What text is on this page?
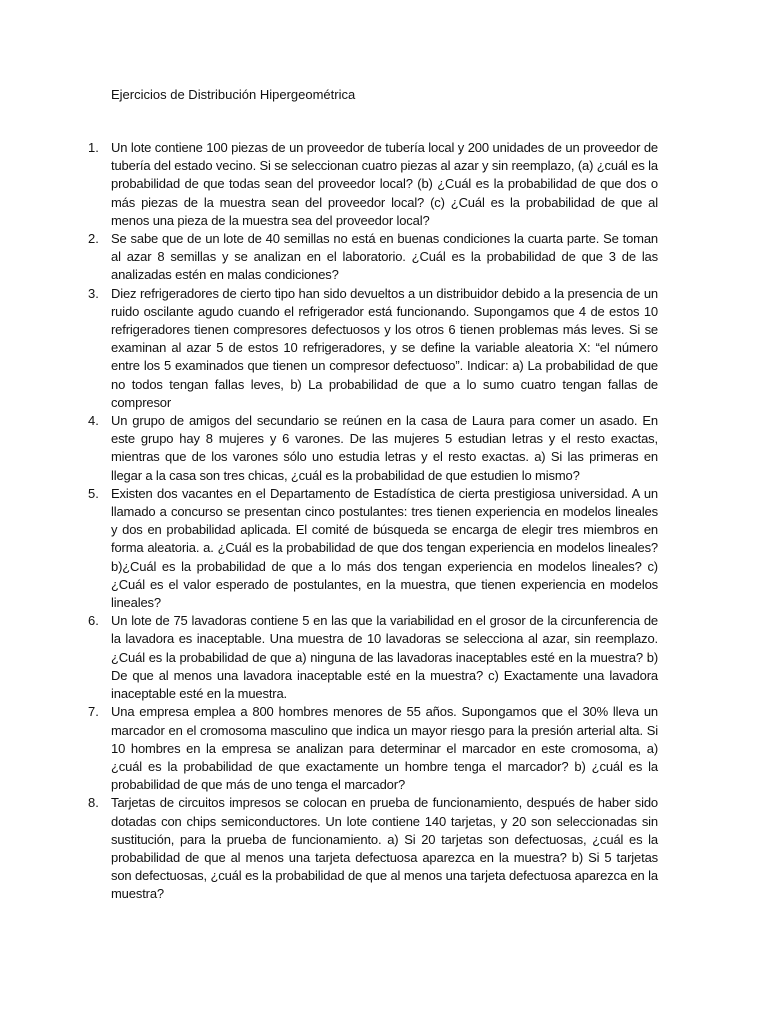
Ejercicios de Distribución Hipergeométrica
1. Un lote contiene 100 piezas de un proveedor de tubería local y 200 unidades de un proveedor de tubería del estado vecino. Si se seleccionan cuatro piezas al azar y sin reemplazo, (a) ¿cuál es la probabilidad de que todas sean del proveedor local? (b) ¿Cuál es la probabilidad de que dos o más piezas de la muestra sean del proveedor local? (c) ¿Cuál es la probabilidad de que al menos una pieza de la muestra sea del proveedor local?
2. Se sabe que de un lote de 40 semillas no está en buenas condiciones la cuarta parte. Se toman al azar 8 semillas y se analizan en el laboratorio. ¿Cuál es la probabilidad de que 3 de las analizadas estén en malas condiciones?
3. Diez refrigeradores de cierto tipo han sido devueltos a un distribuidor debido a la presencia de un ruido oscilante agudo cuando el refrigerador está funcionando. Supongamos que 4 de estos 10 refrigeradores tienen compresores defectuosos y los otros 6 tienen problemas más leves. Si se examinan al azar 5 de estos 10 refrigeradores, y se define la variable aleatoria X: “el número entre los 5 examinados que tienen un compresor defectuoso”. Indicar: a) La probabilidad de que no todos tengan fallas leves, b) La probabilidad de que a lo sumo cuatro tengan fallas de compresor
4. Un grupo de amigos del secundario se reúnen en la casa de Laura para comer un asado. En este grupo hay 8 mujeres y 6 varones. De las mujeres 5 estudian letras y el resto exactas, mientras que de los varones sólo uno estudia letras y el resto exactas. a) Si las primeras en llegar a la casa son tres chicas, ¿cuál es la probabilidad de que estudien lo mismo?
5. Existen dos vacantes en el Departamento de Estadística de cierta prestigiosa universidad. A un llamado a concurso se presentan cinco postulantes: tres tienen experiencia en modelos lineales y dos en probabilidad aplicada. El comité de búsqueda se encarga de elegir tres miembros en forma aleatoria. a. ¿Cuál es la probabilidad de que dos tengan experiencia en modelos lineales? b)¿Cuál es la probabilidad de que a lo más dos tengan experiencia en modelos lineales? c) ¿Cuál es el valor esperado de postulantes, en la muestra, que tienen experiencia en modelos lineales?
6. Un lote de 75 lavadoras contiene 5 en las que la variabilidad en el grosor de la circunferencia de la lavadora es inaceptable. Una muestra de 10 lavadoras se selecciona al azar, sin reemplazo. ¿Cuál es la probabilidad de que a) ninguna de las lavadoras inaceptables esté en la muestra? b) De que al menos una lavadora inaceptable esté en la muestra? c) Exactamente una lavadora inaceptable esté en la muestra.
7. Una empresa emplea a 800 hombres menores de 55 años. Supongamos que el 30% lleva un marcador en el cromosoma masculino que indica un mayor riesgo para la presión arterial alta. Si 10 hombres en la empresa se analizan para determinar el marcador en este cromosoma, a) ¿cuál es la probabilidad de que exactamente un hombre tenga el marcador? b) ¿cuál es la probabilidad de que más de uno tenga el marcador?
8. Tarjetas de circuitos impresos se colocan en prueba de funcionamiento, después de haber sido dotadas con chips semiconductores. Un lote contiene 140 tarjetas, y 20 son seleccionadas sin sustitución, para la prueba de funcionamiento. a) Si 20 tarjetas son defectuosas, ¿cuál es la probabilidad de que al menos una tarjeta defectuosa aparezca en la muestra? b) Si 5 tarjetas son defectuosas, ¿cuál es la probabilidad de que al menos una tarjeta defectuosa aparezca en la muestra?
